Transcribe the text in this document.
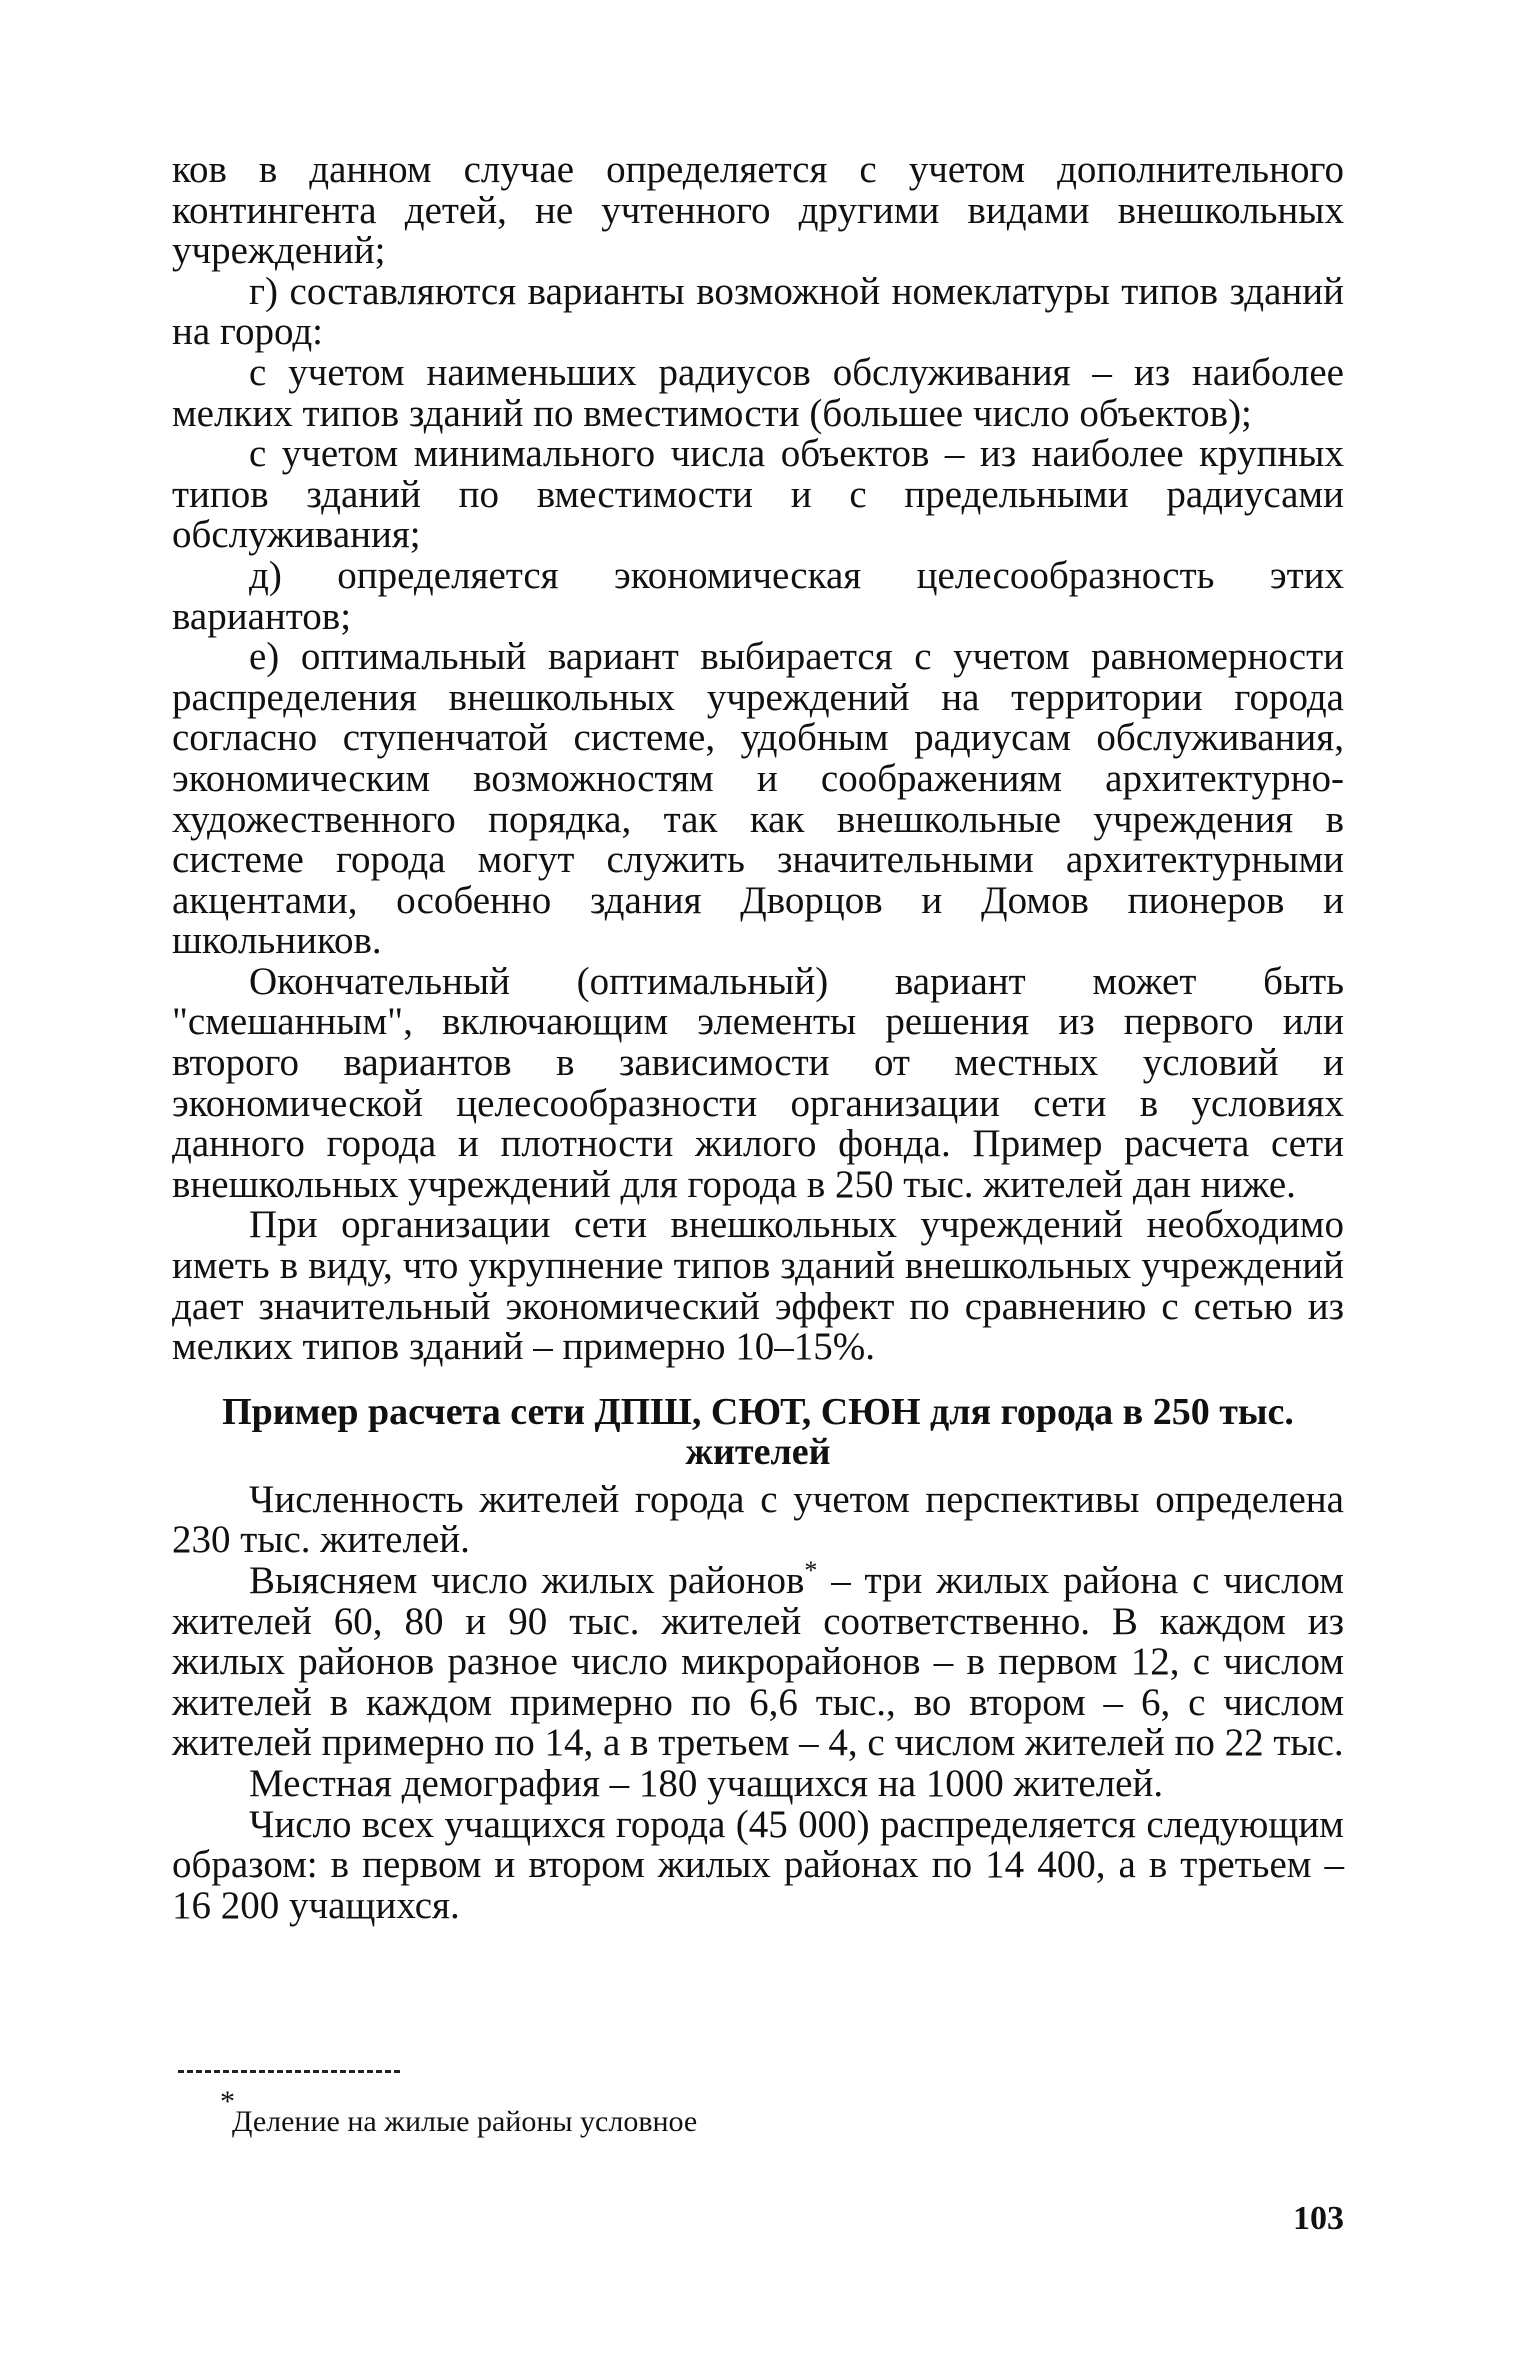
ков в данном случае определяется с учетом дополнительного контингента детей, не учтенного другими видами внешкольных учреждений;

г) составляются варианты возможной номеклатуры типов зданий на город:

с учетом наименьших радиусов обслуживания – из наиболее мелких типов зданий по вместимости (большее число объектов);

с учетом минимального числа объектов – из наиболее крупных типов зданий по вместимости и с предельными радиусами обслуживания;

д) определяется экономическая целесообразность этих вариантов;

е) оптимальный вариант выбирается с учетом равномерности распределения внешкольных учреждений на территории города согласно ступенчатой системе, удобным радиусам обслуживания, экономическим возможностям и соображениям архитектурно-художественного порядка, так как внешкольные учреждения в системе города могут служить значительными архитектурными акцентами, особенно здания Дворцов и Домов пионеров и школьников.

Окончательный (оптимальный) вариант может быть "смешанным", включающим элементы решения из первого или второго вариантов в зависимости от местных условий и экономической целесообразности организации сети в условиях данного города и плотности жилого фонда. Пример расчета сети внешкольных учреждений для города в 250 тыс. жителей дан ниже.

При организации сети внешкольных учреждений необходимо иметь в виду, что укрупнение типов зданий внешкольных учреждений дает значительный экономический эффект по сравнению с сетью из мелких типов зданий – примерно 10–15%.

Пример расчета сети ДПШ, СЮТ, СЮН для города в 250 тыс. жителей

Численность жителей города с учетом перспективы определена 230 тыс. жителей.

Выясняем число жилых районов* – три жилых района с числом жителей 60, 80 и 90 тыс. жителей соответственно. В каждом из жилых районов разное число микрорайонов – в первом 12, с числом жителей в каждом примерно по 6,6 тыс., во втором – 6, с числом жителей примерно по 14, а в третьем – 4, с числом жителей по 22 тыс.

Местная демография – 180 учащихся на 1000 жителей.

Число всех учащихся города (45 000) распределяется следующим образом: в первом и втором жилых районах по 14 400, а в третьем – 16 200 учащихся.

*
Деление на жилые районы условное
103
